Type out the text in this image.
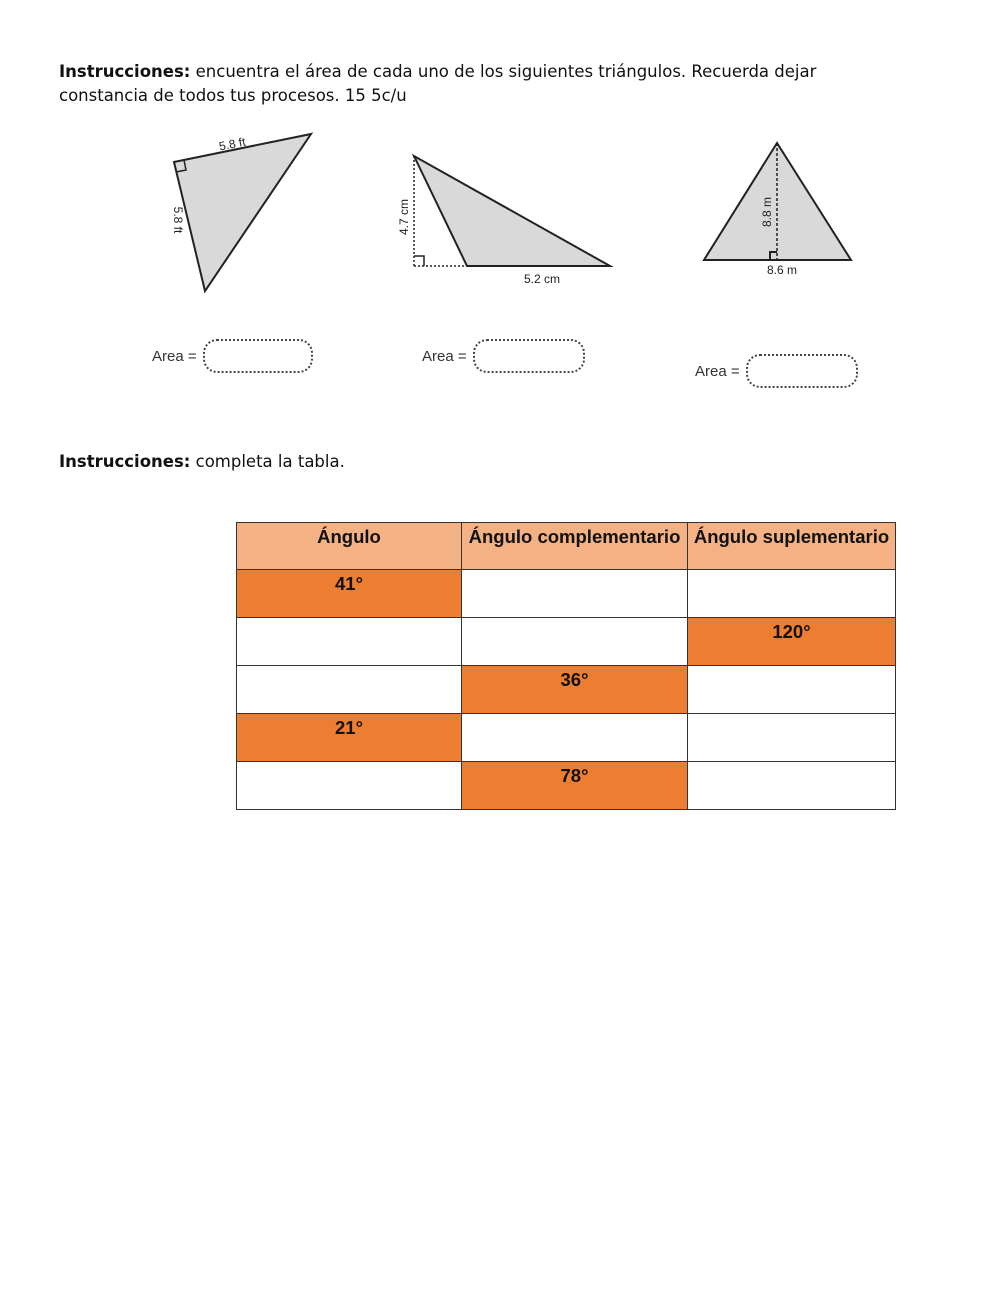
Instrucciones: encuentra el área de cada uno de los siguientes triángulos. Recuerda dejar constancia de todos tus procesos. 15 5c/u
5.8 ft
5.8 ft	4.7 cm
5.2 cm
8.8 m
8.6 m
Area =	Area =
Area =
Instrucciones: completa la tabla.
Ángulo	Ángulo complementario	Ángulo suplementario
41°		
		120°
	36°	
21°		
	78°	
